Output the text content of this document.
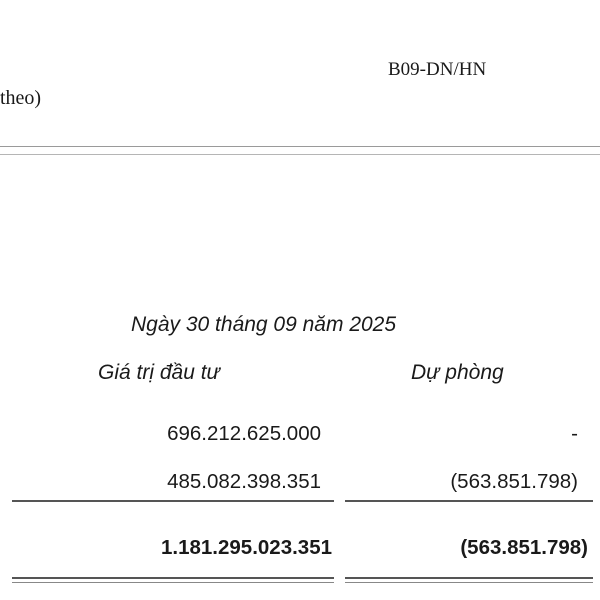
B09-DN/HN
theo)
Ngày 30 tháng 09 năm 2025
Giá trị đầu tư	Dự phòng
696.212.625.000	-
485.082.398.351	(563.851.798)
1.181.295.023.351	(563.851.798)
